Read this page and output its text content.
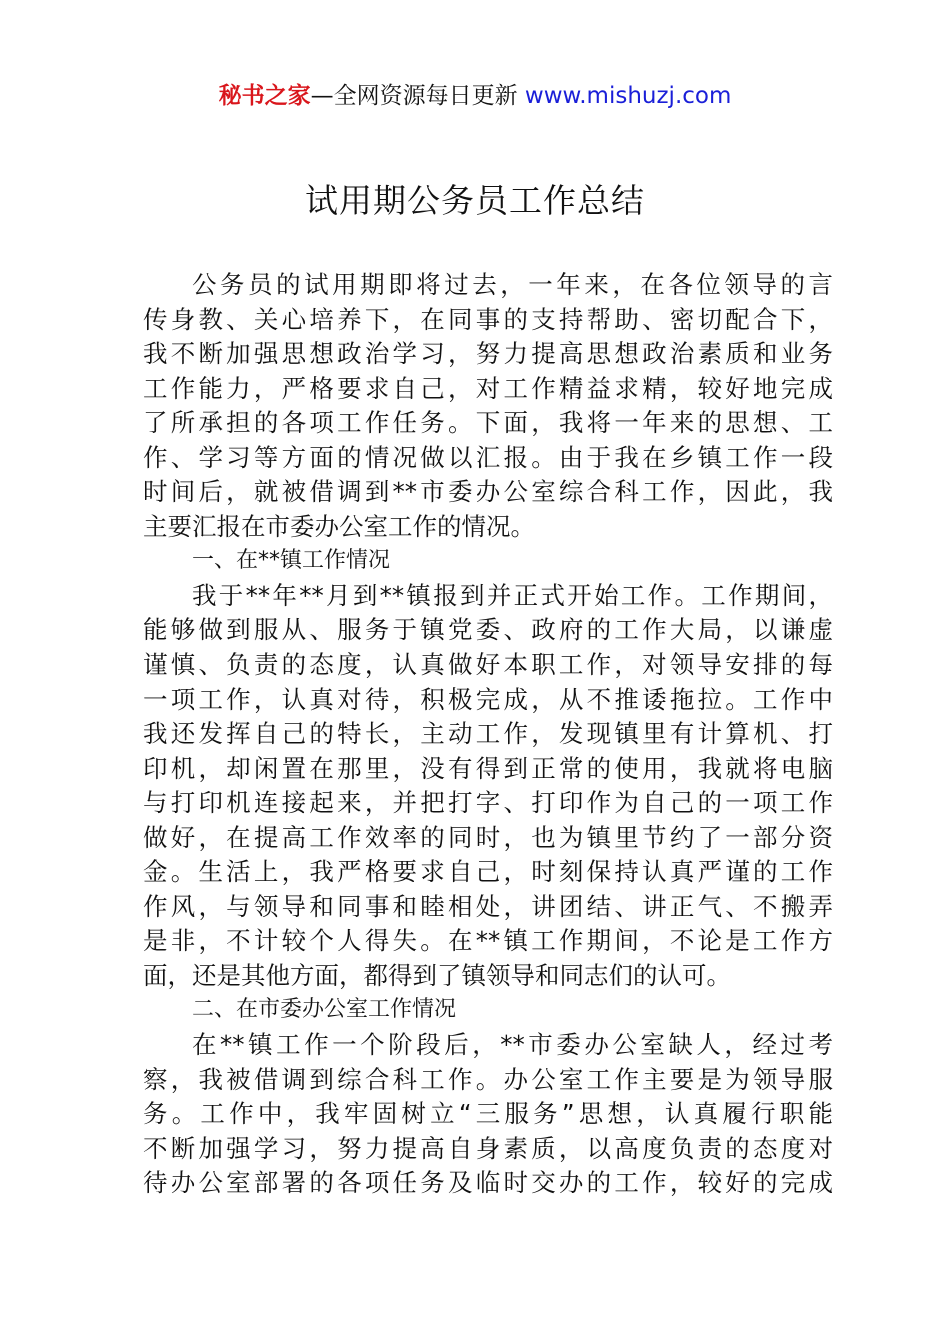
秘书之家—全网资源每日更新 www.mishuzj.com
试用期公务员工作总结
公务员的试用期即将过去，一年来，在各位领导的言
传身教、关心培养下，在同事的支持帮助、密切配合下，
我不断加强思想政治学习，努力提高思想政治素质和业务
工作能力，严格要求自己，对工作精益求精，较好地完成
了所承担的各项工作任务。下面，我将一年来的思想、工
作、学习等方面的情况做以汇报。由于我在乡镇工作一段
时间后，就被借调到**市委办公室综合科工作，因此，我
主要汇报在市委办公室工作的情况。
一、在**镇工作情况
我于**年**月到**镇报到并正式开始工作。工作期间，
能够做到服从、服务于镇党委、政府的工作大局，以谦虚
谨慎、负责的态度，认真做好本职工作，对领导安排的每
一项工作，认真对待，积极完成，从不推诿拖拉。工作中
我还发挥自己的特长，主动工作，发现镇里有计算机、打
印机，却闲置在那里，没有得到正常的使用，我就将电脑
与打印机连接起来，并把打字、打印作为自己的一项工作
做好，在提高工作效率的同时，也为镇里节约了一部分资
金。生活上，我严格要求自己，时刻保持认真严谨的工作
作风，与领导和同事和睦相处，讲团结、讲正气、不搬弄
是非，不计较个人得失。在**镇工作期间，不论是工作方
面，还是其他方面，都得到了镇领导和同志们的认可。
二、在市委办公室工作情况
在**镇工作一个阶段后，**市委办公室缺人，经过考
察，我被借调到综合科工作。办公室工作主要是为领导服
务。工作中，我牢固树立“三服务”思想，认真履行职能
不断加强学习，努力提高自身素质，以高度负责的态度对
待办公室部署的各项任务及临时交办的工作，较好的完成
